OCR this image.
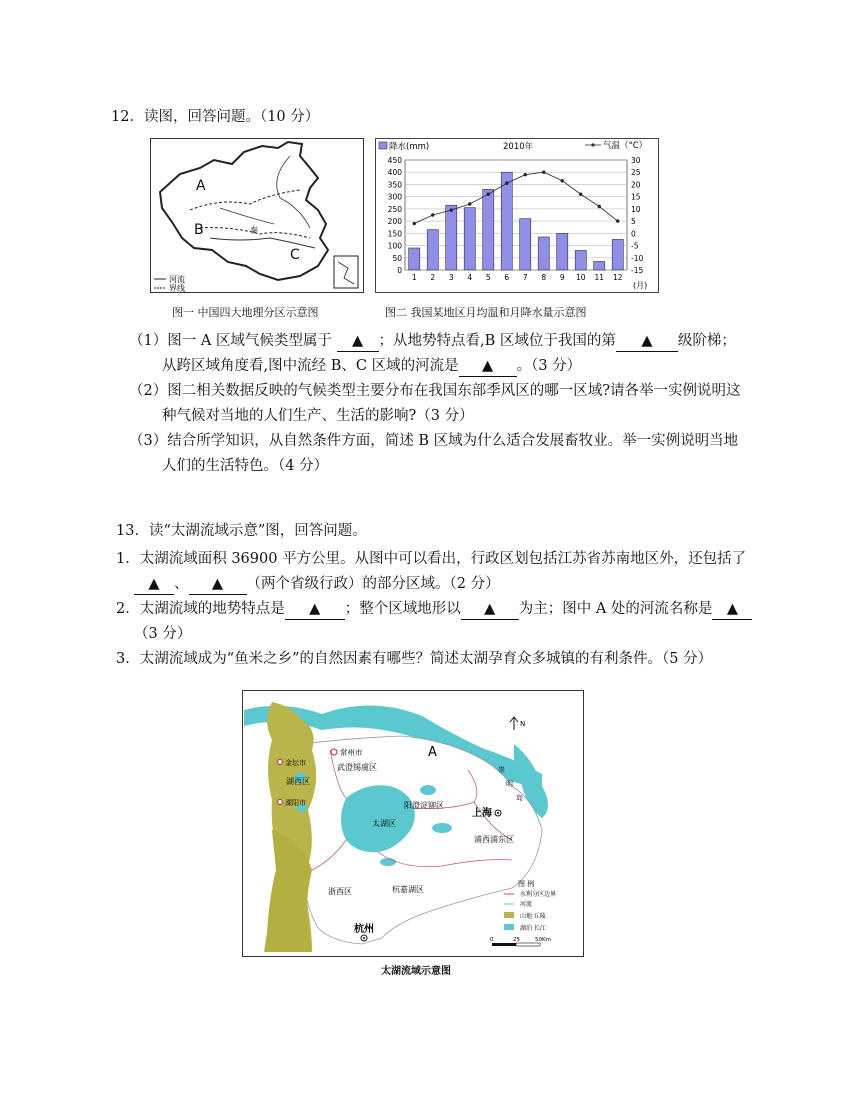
12．读图，回答问题。（10 分）
A
B
C
秦
河流
界线
降水(mm)	2010年	气温（°C）
0
50
100
150
200
250
300
350
400
450
-15
-10
-5
0
5
10
15
20
25
30
1 2 3 4 5 6 7 8 9 10 11 12
(月)
图一 中国四大地理分区示意图	图二 我国某地区月均温和月降水量示意图
（1）图一 A 区域气候类型属于 ▲ ；从地势特点看,B 区域位于我国的第 ▲ 级阶梯；
从跨区域角度看,图中流经 B、C 区域的河流是 ▲ 。（3 分）
（2）图二相关数据反映的气候类型主要分布在我国东部季风区的哪一区域?请各举一实例说明这
种气候对当地的人们生产、生活的影响?（3 分）
（3）结合所学知识，从自然条件方面，简述 B 区域为什么适合发展畜牧业。举一实例说明当地
人们的生活特色。（4 分）
13．读“太湖流域示意”图，回答问题。
1．太湖流域面积 36900 平方公里。从图中可以看出，行政区划包括江苏省苏南地区外，还包括了
▲ 、 ▲ （两个省级行政）的部分区域。（2 分）
2．太湖流域的地势特点是 ▲ ；整个区域地形以 ▲ 为主；图中 A 处的河流名称是 ▲
（3 分）
3．太湖流域成为“鱼米之乡”的自然因素有哪些？简述太湖孕育众多城镇的有利条件。（5 分）
常州市
金坛市
溧阳市
湖西区
武澄锡虞区
阳澄淀泖区
太湖区
浦西浦东区
浙西区	杭嘉湖区
上海
杭州
A
崇
明
岛
N
图 例
水利分区边界
河流
山地 丘陵
湖泊 长江
0	25	50Km
太湖流域示意图
